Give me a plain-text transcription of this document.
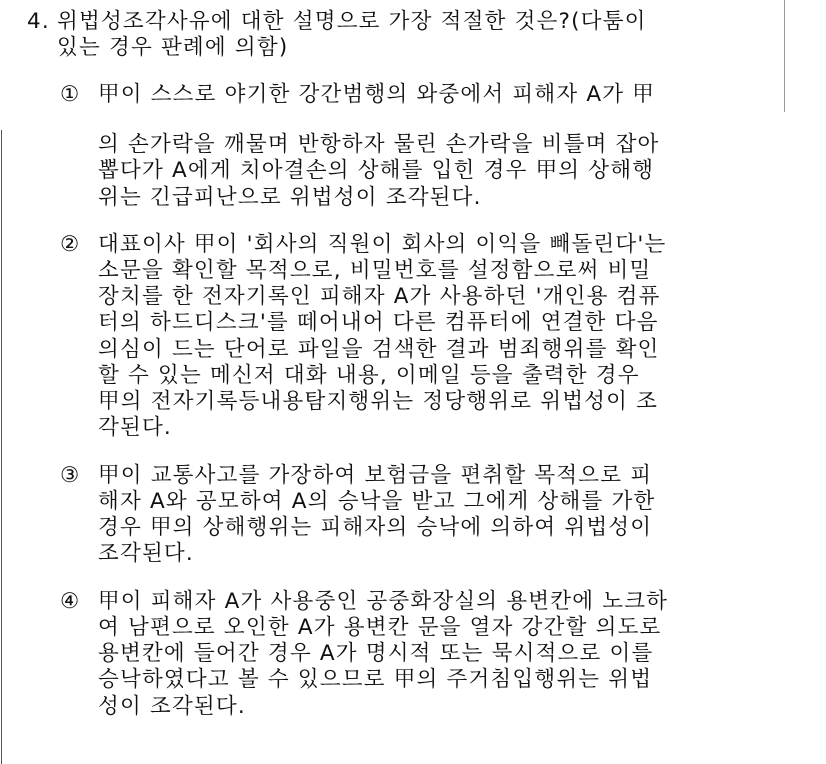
4. 위법성조각사유에 대한 설명으로 가장 적절한 것은?(다툼이
있는 경우 판례에 의함)
① 甲이 스스로 야기한 강간범행의 와중에서 피해자 A가 甲
의 손가락을 깨물며 반항하자 물린 손가락을 비틀며 잡아
뽑다가 A에게 치아결손의 상해를 입힌 경우 甲의 상해행
위는 긴급피난으로 위법성이 조각된다.
② 대표이사 甲이 '회사의 직원이 회사의 이익을 빼돌린다'는
소문을 확인할 목적으로, 비밀번호를 설정함으로써 비밀
장치를 한 전자기록인 피해자 A가 사용하던 '개인용 컴퓨
터의 하드디스크'를 떼어내어 다른 컴퓨터에 연결한 다음
의심이 드는 단어로 파일을 검색한 결과 범죄행위를 확인
할 수 있는 메신저 대화 내용, 이메일 등을 출력한 경우
甲의 전자기록등내용탐지행위는 정당행위로 위법성이 조
각된다.
③ 甲이 교통사고를 가장하여 보험금을 편취할 목적으로 피
해자 A와 공모하여 A의 승낙을 받고 그에게 상해를 가한
경우 甲의 상해행위는 피해자의 승낙에 의하여 위법성이
조각된다.
④ 甲이 피해자 A가 사용중인 공중화장실의 용변칸에 노크하
여 남편으로 오인한 A가 용변칸 문을 열자 강간할 의도로
용변칸에 들어간 경우 A가 명시적 또는 묵시적으로 이를
승낙하였다고 볼 수 있으므로 甲의 주거침입행위는 위법
성이 조각된다.
